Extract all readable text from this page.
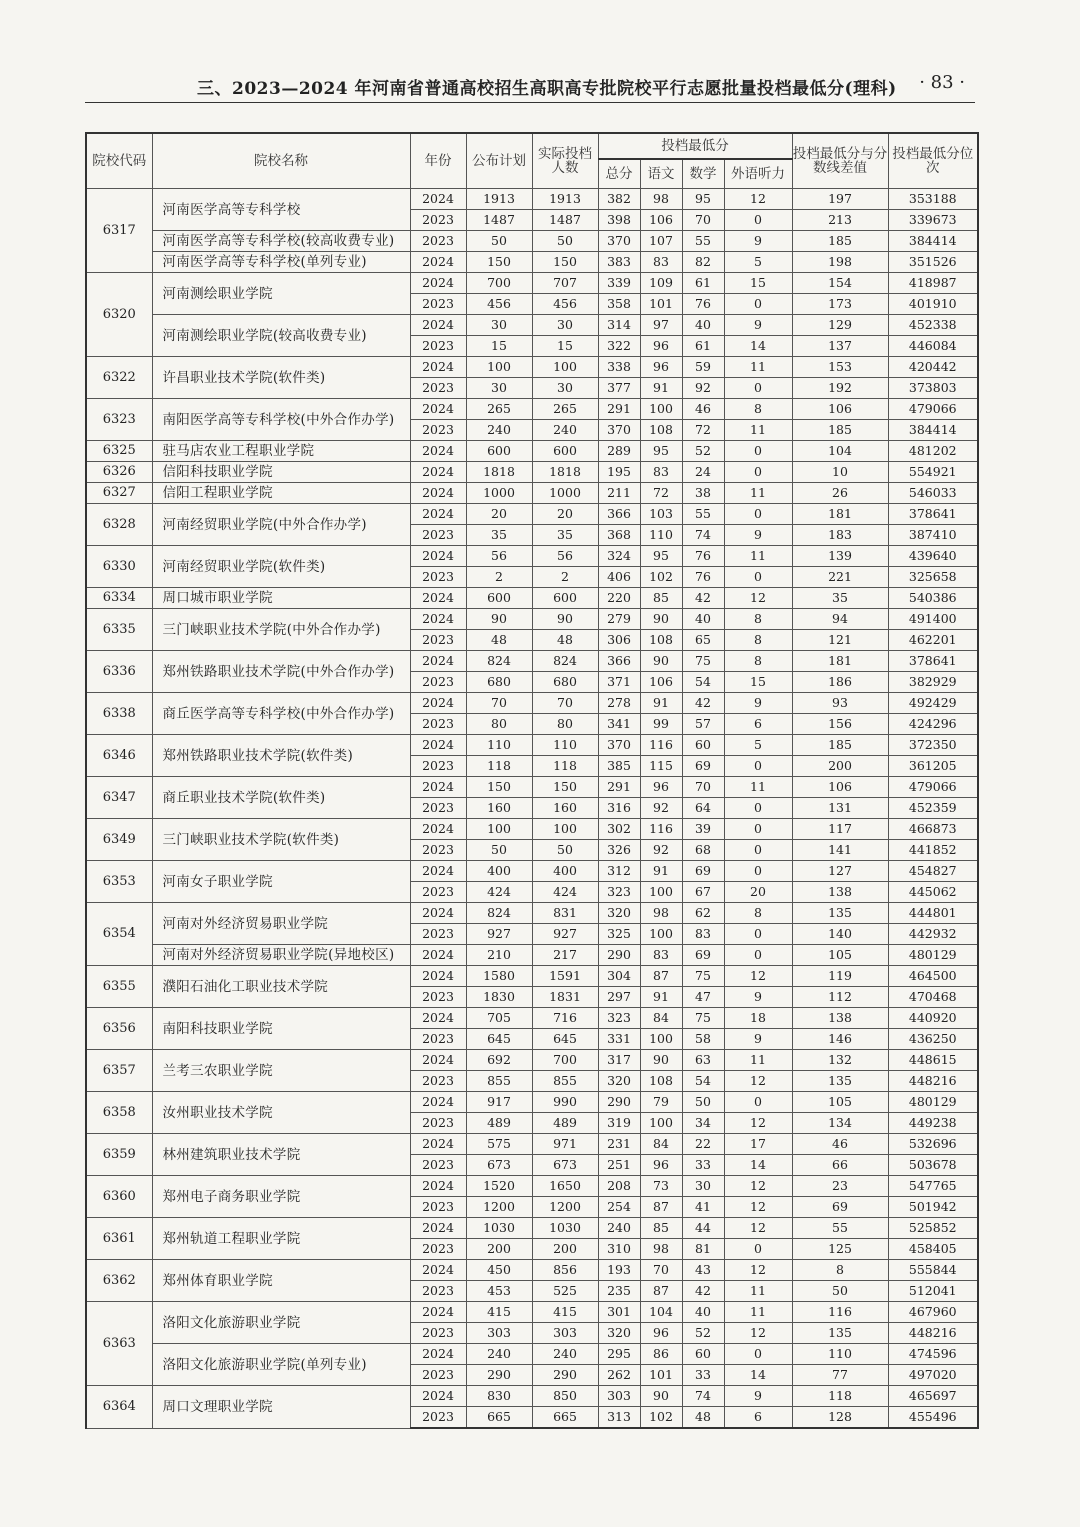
三、2023—2024 年河南省普通高校招生高职高专批院校平行志愿批量投档最低分(理科) · 83 ·
院校代码	院校名称	年份	公布计划	实际投档人数	投档最低分				投档最低分与分数线差值	投档最低分位次
					总分	语文	数学	外语听力		
6317	河南医学高等专科学校	2024	1913	1913	382	98	95	12	197	353188
		2023	1487	1487	398	106	70	0	213	339673
	河南医学高等专科学校(较高收费专业)	2023	50	50	370	107	55	9	185	384414
	河南医学高等专科学校(单列专业)	2024	150	150	383	83	82	5	198	351526
6320	河南测绘职业学院	2024	700	707	339	109	61	15	154	418987
		2023	456	456	358	101	76	0	173	401910
	河南测绘职业学院(较高收费专业)	2024	30	30	314	97	40	9	129	452338
		2023	15	15	322	96	61	14	137	446084
6322	许昌职业技术学院(软件类)	2024	100	100	338	96	59	11	153	420442
		2023	30	30	377	91	92	0	192	373803
6323	南阳医学高等专科学校(中外合作办学)	2024	265	265	291	100	46	8	106	479066
		2023	240	240	370	108	72	11	185	384414
6325	驻马店农业工程职业学院	2024	600	600	289	95	52	0	104	481202
6326	信阳科技职业学院	2024	1818	1818	195	83	24	0	10	554921
6327	信阳工程职业学院	2024	1000	1000	211	72	38	11	26	546033
6328	河南经贸职业学院(中外合作办学)	2024	20	20	366	103	55	0	181	378641
		2023	35	35	368	110	74	9	183	387410
6330	河南经贸职业学院(软件类)	2024	56	56	324	95	76	11	139	439640
		2023	2	2	406	102	76	0	221	325658
6334	周口城市职业学院	2024	600	600	220	85	42	12	35	540386
6335	三门峡职业技术学院(中外合作办学)	2024	90	90	279	90	40	8	94	491400
		2023	48	48	306	108	65	8	121	462201
6336	郑州铁路职业技术学院(中外合作办学)	2024	824	824	366	90	75	8	181	378641
		2023	680	680	371	106	54	15	186	382929
6338	商丘医学高等专科学校(中外合作办学)	2024	70	70	278	91	42	9	93	492429
		2023	80	80	341	99	57	6	156	424296
6346	郑州铁路职业技术学院(软件类)	2024	110	110	370	116	60	5	185	372350
		2023	118	118	385	115	69	0	200	361205
6347	商丘职业技术学院(软件类)	2024	150	150	291	96	70	11	106	479066
		2023	160	160	316	92	64	0	131	452359
6349	三门峡职业技术学院(软件类)	2024	100	100	302	116	39	0	117	466873
		2023	50	50	326	92	68	0	141	441852
6353	河南女子职业学院	2024	400	400	312	91	69	0	127	454827
		2023	424	424	323	100	67	20	138	445062
6354	河南对外经济贸易职业学院	2024	824	831	320	98	62	8	135	444801
		2023	927	927	325	100	83	0	140	442932
	河南对外经济贸易职业学院(异地校区)	2024	210	217	290	83	69	0	105	480129
6355	濮阳石油化工职业技术学院	2024	1580	1591	304	87	75	12	119	464500
		2023	1830	1831	297	91	47	9	112	470468
6356	南阳科技职业学院	2024	705	716	323	84	75	18	138	440920
		2023	645	645	331	100	58	9	146	436250
6357	兰考三农职业学院	2024	692	700	317	90	63	11	132	448615
		2023	855	855	320	108	54	12	135	448216
6358	汝州职业技术学院	2024	917	990	290	79	50	0	105	480129
		2023	489	489	319	100	34	12	134	449238
6359	林州建筑职业技术学院	2024	575	971	231	84	22	17	46	532696
		2023	673	673	251	96	33	14	66	503678
6360	郑州电子商务职业学院	2024	1520	1650	208	73	30	12	23	547765
		2023	1200	1200	254	87	41	12	69	501942
6361	郑州轨道工程职业学院	2024	1030	1030	240	85	44	12	55	525852
		2023	200	200	310	98	81	0	125	458405
6362	郑州体育职业学院	2024	450	856	193	70	43	12	8	555844
		2023	453	525	235	87	42	11	50	512041
6363	洛阳文化旅游职业学院	2024	415	415	301	104	40	11	116	467960
		2023	303	303	320	96	52	12	135	448216
	洛阳文化旅游职业学院(单列专业)	2024	240	240	295	86	60	0	110	474596
		2023	290	290	262	101	33	14	77	497020
6364	周口文理职业学院	2024	830	850	303	90	74	9	118	465697
		2023	665	665	313	102	48	6	128	455496
